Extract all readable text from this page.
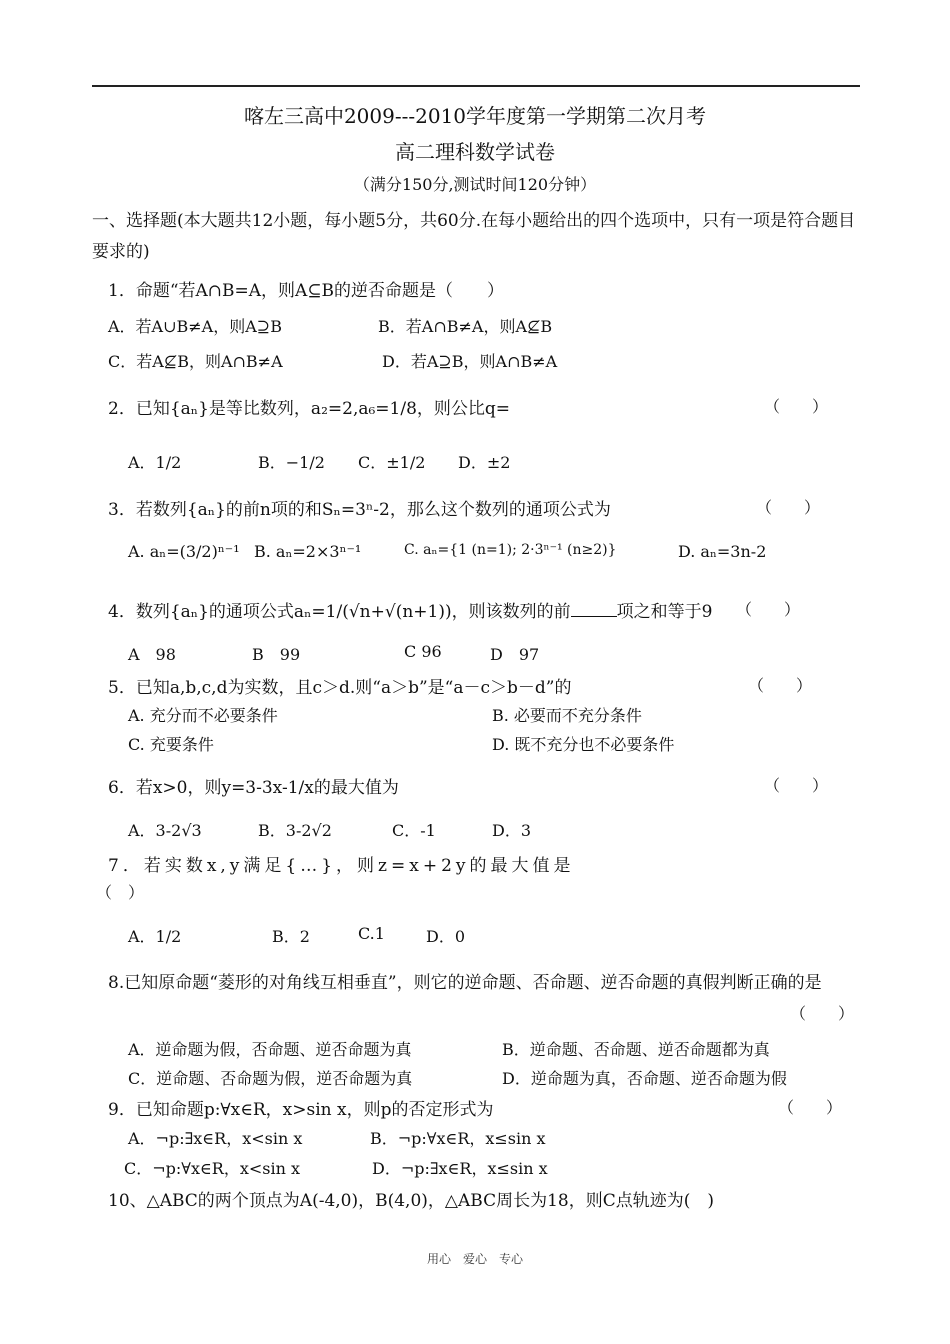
喀左三高中2009---2010学年度第一学期第二次月考
高二理科数学试卷
（满分150分,测试时间120分钟）
一、选择题(本大题共12小题，每小题5分，共60分.在每小题给出的四个选项中，只有一项是符合题目要求的)
1．命题“若A∩B=A，则A⊆B的逆否命题是（　　）
A．若A∪B≠A，则A⊇B	B．若A∩B≠A，则A⊈B
C．若A⊈B，则A∩B≠A	D．若A⊇B，则A∩B≠A
2．已知{aₙ}是等比数列，a₂=2,a₆=1/8，则公比q=	（　　）
A．1/2	B．−1/2 C．±1/2 D．±2
3．若数列{aₙ}的前n项的和Sₙ=3ⁿ-2，那么这个数列的通项公式为	（　　）
A. aₙ=(3/2)ⁿ⁻¹ B. aₙ=2×3ⁿ⁻¹	C. aₙ={1 (n=1); 2·3ⁿ⁻¹ (n≥2)}	D. aₙ=3n-2
4．数列{aₙ}的通项公式aₙ=1/(√n+√(n+1))，则该数列的前	项之和等于9 （　　）
A　98	B　99	C 96	D　97
5．已知a,b,c,d为实数，且c＞d.则“a＞b”是“a－c＞b－d”的	（　　）
A. 充分而不必要条件	B. 必要而不充分条件
C. 充要条件	D. 既不充分也不必要条件
6．若x>0，则y=3-3x-1/x的最大值为	（　　）
A．3-2√3	B．3-2√2	C．-1	D．3
7．若实数x,y满足{…}，则z=x+2y的最大值是
（　）
A．1/2	B．2	C.1	D．0
8.已知原命题“菱形的对角线互相垂直”，则它的逆命题、否命题、逆否命题的真假判断正确的是
（　　）
A．逆命题为假，否命题、逆否命题为真	B．逆命题、否命题、逆否命题都为真
C．逆命题、否命题为假，逆否命题为真	D．逆命题为真，否命题、逆否命题为假
9．已知命题p:∀x∈R，x>sin x，则p的否定形式为	（　　）
A．¬p:∃x∈R，x<sin x	B．¬p:∀x∈R，x≤sin x
C．¬p:∀x∈R，x<sin x	D．¬p:∃x∈R，x≤sin x
10、△ABC的两个顶点为A(-4,0)，B(4,0)，△ABC周长为18，则C点轨迹为(　)
用心　爱心　专心
